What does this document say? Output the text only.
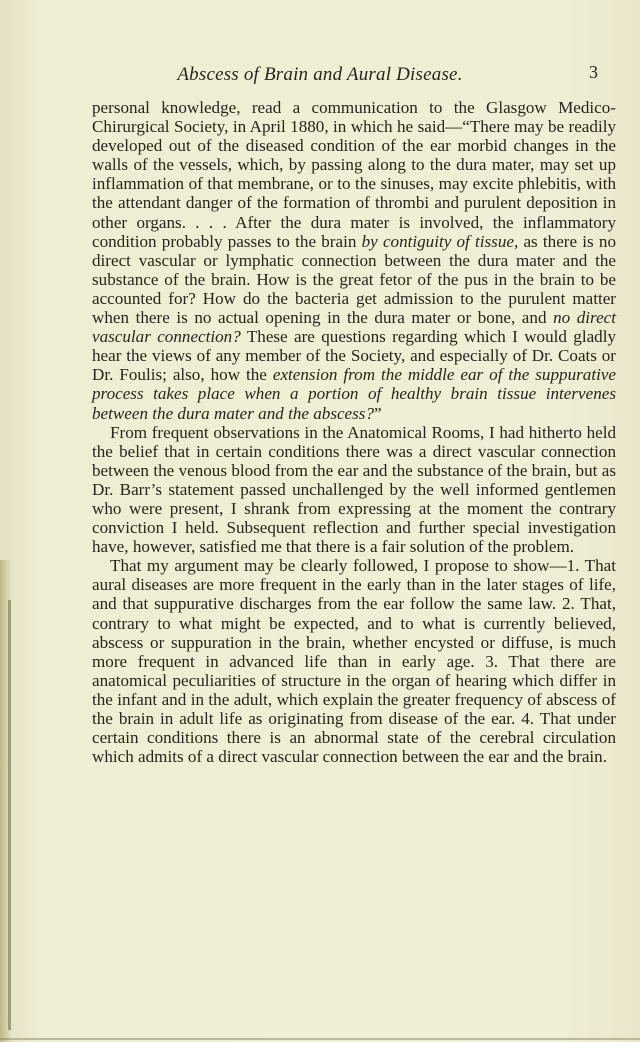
Abscess of Brain and Aural Disease.	3

personal knowledge, read a communication to the Glasgow Medico-Chirurgical Society, in April 1880, in which he said—“There may be readily developed out of the diseased condition of the ear morbid changes in the walls of the vessels, which, by passing along to the dura mater, may set up inflammation of that membrane, or to the sinuses, may excite phlebitis, with the attendant danger of the formation of thrombi and purulent deposition in other organs. . . . After the dura mater is involved, the inflammatory condition probably passes to the brain by contiguity of tissue, as there is no direct vascular or lymphatic connection between the dura mater and the substance of the brain. How is the great fetor of the pus in the brain to be accounted for? How do the bacteria get admission to the purulent matter when there is no actual opening in the dura mater or bone, and no direct vascular connection? These are questions regarding which I would gladly hear the views of any member of the Society, and especially of Dr. Coats or Dr. Foulis; also, how the extension from the middle ear of the suppurative process takes place when a portion of healthy brain tissue intervenes between the dura mater and the abscess?”

From frequent observations in the Anatomical Rooms, I had hitherto held the belief that in certain conditions there was a direct vascular connection between the venous blood from the ear and the substance of the brain, but as Dr. Barr’s statement passed unchallenged by the well informed gentlemen who were present, I shrank from expressing at the moment the contrary conviction I held. Subsequent reflection and further special investigation have, however, satisfied me that there is a fair solution of the problem.

That my argument may be clearly followed, I propose to show—1. That aural diseases are more frequent in the early than in the later stages of life, and that suppurative discharges from the ear follow the same law. 2. That, contrary to what might be expected, and to what is currently believed, abscess or suppuration in the brain, whether encysted or diffuse, is much more frequent in advanced life than in early age. 3. That there are anatomical peculiarities of structure in the organ of hearing which differ in the infant and in the adult, which explain the greater frequency of abscess of the brain in adult life as originating from disease of the ear. 4. That under certain conditions there is an abnormal state of the cerebral circulation which admits of a direct vascular connection between the ear and the brain.
